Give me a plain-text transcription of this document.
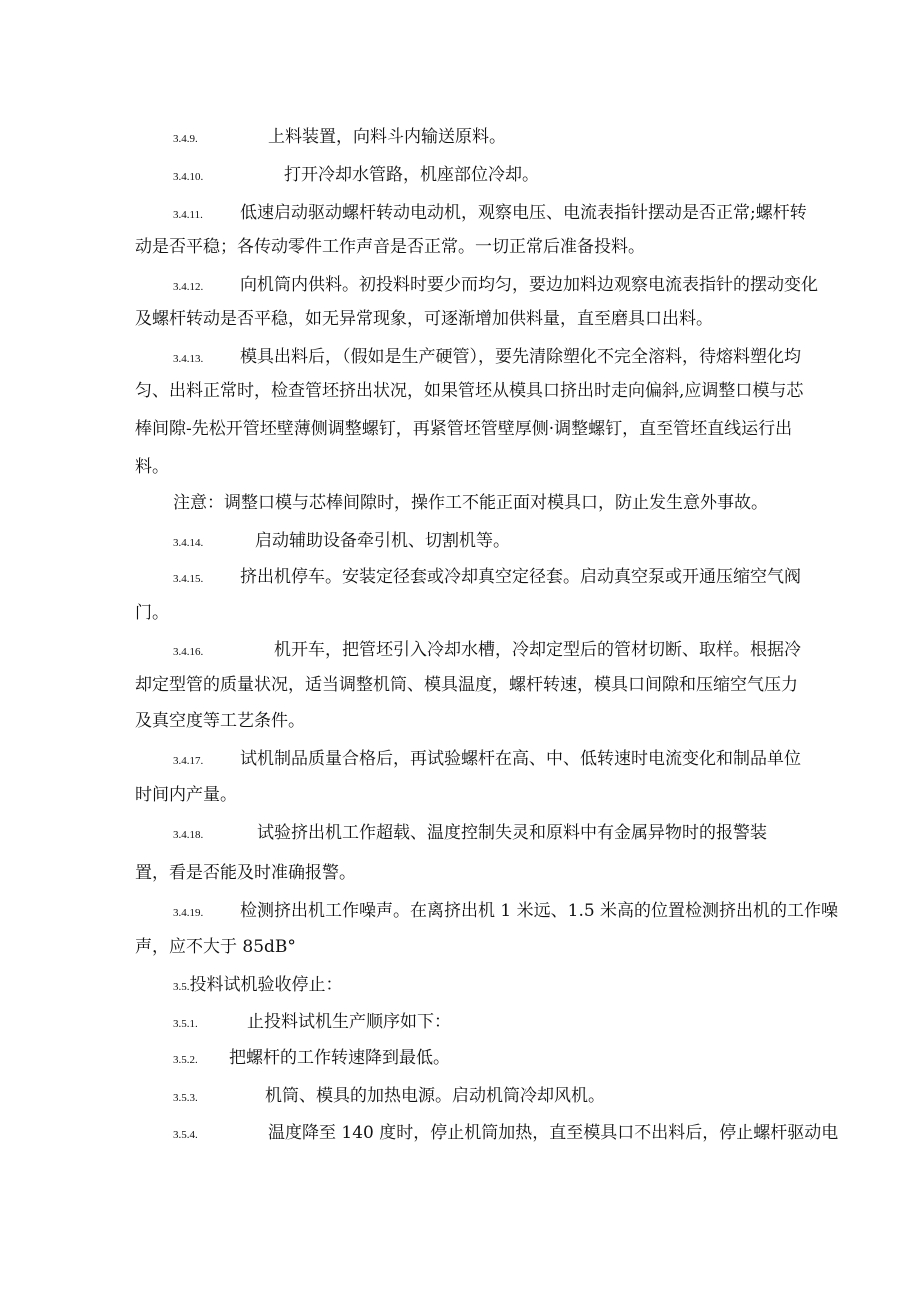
3.4.9.	上料装置，向料斗内输送原料。
3.4.10.	打开冷却水管路，机座部位冷却。
3.4.11. 低速启动驱动螺杆转动电动机，观察电压、电流表指针摆动是否正常;螺杆转
动是否平稳；各传动零件工作声音是否正常。一切正常后准备投料。
3.4.12. 向机筒内供料。初投料时要少而均匀，要边加料边观察电流表指针的摆动变化
及螺杆转动是否平稳，如无异常现象，可逐渐增加供料量，直至磨具口出料。
3.4.13. 模具出料后，（假如是生产硬管），要先清除塑化不完全溶料，待熔料塑化均
匀、出料正常时，检查管坯挤出状况，如果管坯从模具口挤出时走向偏斜,应调整口模与芯
棒间隙-先松开管坯壁薄侧调整螺钉，再紧管坯管壁厚侧·调整螺钉，直至管坯直线运行出
料。
注意：调整口模与芯棒间隙时，操作工不能正面对模具口，防止发生意外事故。
3.4.14.	启动辅助设备牵引机、切割机等。
3.4.15. 挤出机停车。安装定径套或冷却真空定径套。启动真空泵或开通压缩空气阀
门。
3.4.16.	机开车，把管坯引入冷却水槽，冷却定型后的管材切断、取样。根据冷
却定型管的质量状况，适当调整机筒、模具温度，螺杆转速，模具口间隙和压缩空气压力
及真空度等工艺条件。
3.4.17. 试机制品质量合格后，再试验螺杆在高、中、低转速时电流变化和制品单位
时间内产量。
3.4.18.	试验挤出机工作超载、温度控制失灵和原料中有金属异物时的报警装
置，看是否能及时准确报警。
3.4.19. 检测挤出机工作噪声。在离挤出机 1 米远、1.5 米高的位置检测挤出机的工作噪
声，应不大于 85dB°
3.5.投料试机验收停止：
3.5.1.	止投料试机生产顺序如下：
3.5.2. 把螺杆的工作转速降到最低。
3.5.3.	机筒、模具的加热电源。启动机筒冷却风机。
3.5.4.	温度降至 140 度时，停止机筒加热，直至模具口不出料后，停止螺杆驱动电
